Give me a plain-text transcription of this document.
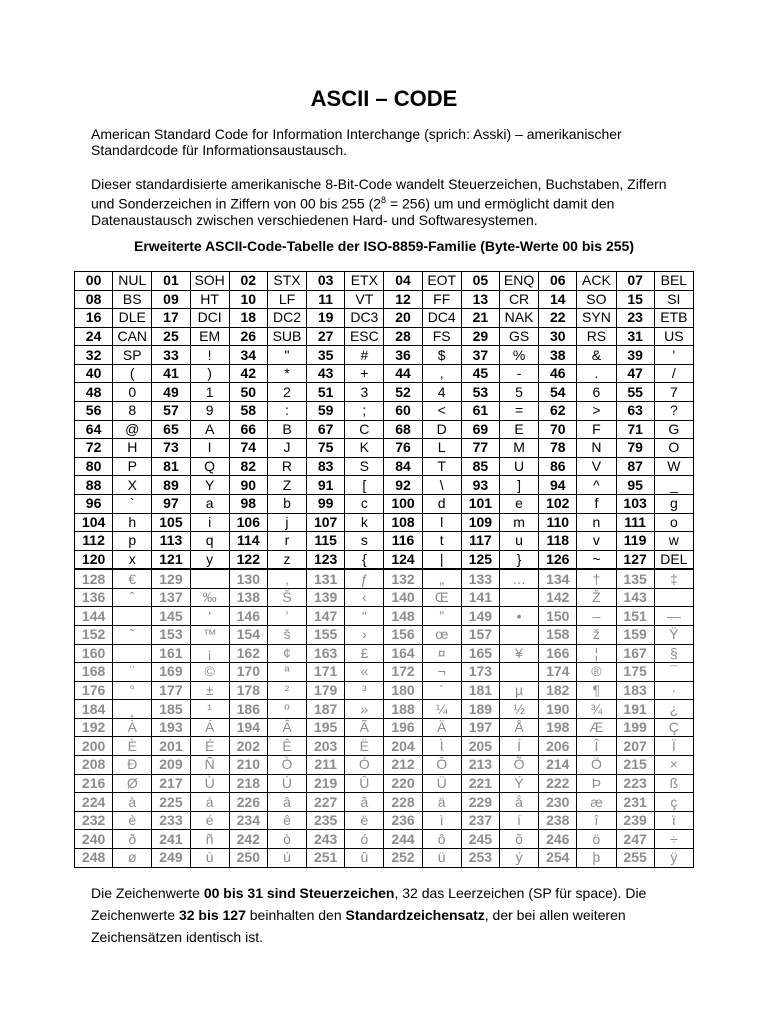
ASCII – CODE

American Standard Code for Information Interchange (sprich: Asski) – amerikanischer
Standardcode für Informationsaustausch.

Dieser standardisierte amerikanische 8-Bit-Code wandelt Steuerzeichen, Buchstaben, Ziffern
und Sonderzeichen in Ziffern von 00 bis 255 $(2^8 = 256)$ um und ermöglicht damit den
Datenaustausch zwischen verschiedenen Hard- und Softwaresystemen.

Erweiterte ASCII-Code-Tabelle der ISO-8859-Familie (Byte-Werte 00 bis 255)
00	NUL	01	SOH	02	STX	03	ETX	04	EOT	05	ENQ	06	ACK	07	BEL
08	BS	09	HT	10	LF	11	VT	12	FF	13	CR	14	SO	15	SI
16	DLE	17	DCI	18	DC2	19	DC3	20	DC4	21	NAK	22	SYN	23	ETB
24	CAN	25	EM	26	SUB	27	ESC	28	FS	29	GS	30	RS	31	US
32	SP	33	!	34	"	35	#	36	$	37	%	38	&	39	'
40	(	41	)	42	*	43	+	44	,	45	-	46	.	47	/
48	0	49	1	50	2	51	3	52	4	53	5	54	6	55	7
56	8	57	9	58	:	59	;	60	<	61	=	62	>	63	?
64	@	65	A	66	B	67	C	68	D	69	E	70	F	71	G
72	H	73	I	74	J	75	K	76	L	77	M	78	N	79	O
80	P	81	Q	82	R	83	S	84	T	85	U	86	V	87	W
88	X	89	Y	90	Z	91	[	92	\	93	]	94	^	95	_
96	`	97	a	98	b	99	c	100	d	101	e	102	f	103	g
104	h	105	i	106	j	107	k	108	l	109	m	110	n	111	o
112	p	113	q	114	r	115	s	116	t	117	u	118	v	119	w
120	x	121	y	122	z	123	{	124	|	125	}	126	~	127	DEL
128	€	129		130	‚	131	ƒ	132	„	133	…	134	†	135	‡
136	ˆ	137	‰	138	Š	139	‹	140	Œ	141		142	Ž	143	
144		145	‘	146	’	147	“	148	”	149	•	150	–	151	—
152	˜	153	™	154	š	155	›	156	œ	157		158	ž	159	Ÿ
160		161	¡	162	¢	163	£	164	¤	165	¥	166	¦	167	§
168	¨	169	©	170	ª	171	«	172	¬	173		174	®	175	¯
176	°	177	±	178	²	179	³	180	´	181	µ	182	¶	183	·
184	¸	185	¹	186	º	187	»	188	¼	189	½	190	¾	191	¿
192	À	193	Á	194	Â	195	Ã	196	Ä	197	Å	198	Æ	199	Ç
200	È	201	É	202	Ê	203	Ë	204	Ì	205	Í	206	Î	207	Ï
208	Ð	209	Ñ	210	Ò	211	Ó	212	Ô	213	Õ	214	Ö	215	×
216	Ø	217	Ù	218	Ú	219	Û	220	Ü	221	Ý	222	Þ	223	ß
224	à	225	á	226	â	227	ã	228	ä	229	å	230	æ	231	ç
232	è	233	é	234	ê	235	ë	236	ì	237	í	238	î	239	ï
240	ð	241	ñ	242	ò	243	ó	244	ô	245	õ	246	ö	247	÷
248	ø	249	ù	250	ú	251	û	252	ü	253	ý	254	þ	255	ÿ

Die Zeichenwerte 00 bis 31 sind Steuerzeichen, 32 das Leerzeichen (SP für space). Die Zeichenwerte 32 bis 127 beinhalten den Standardzeichensatz, der bei allen weiteren Zeichensätzen identisch ist.
